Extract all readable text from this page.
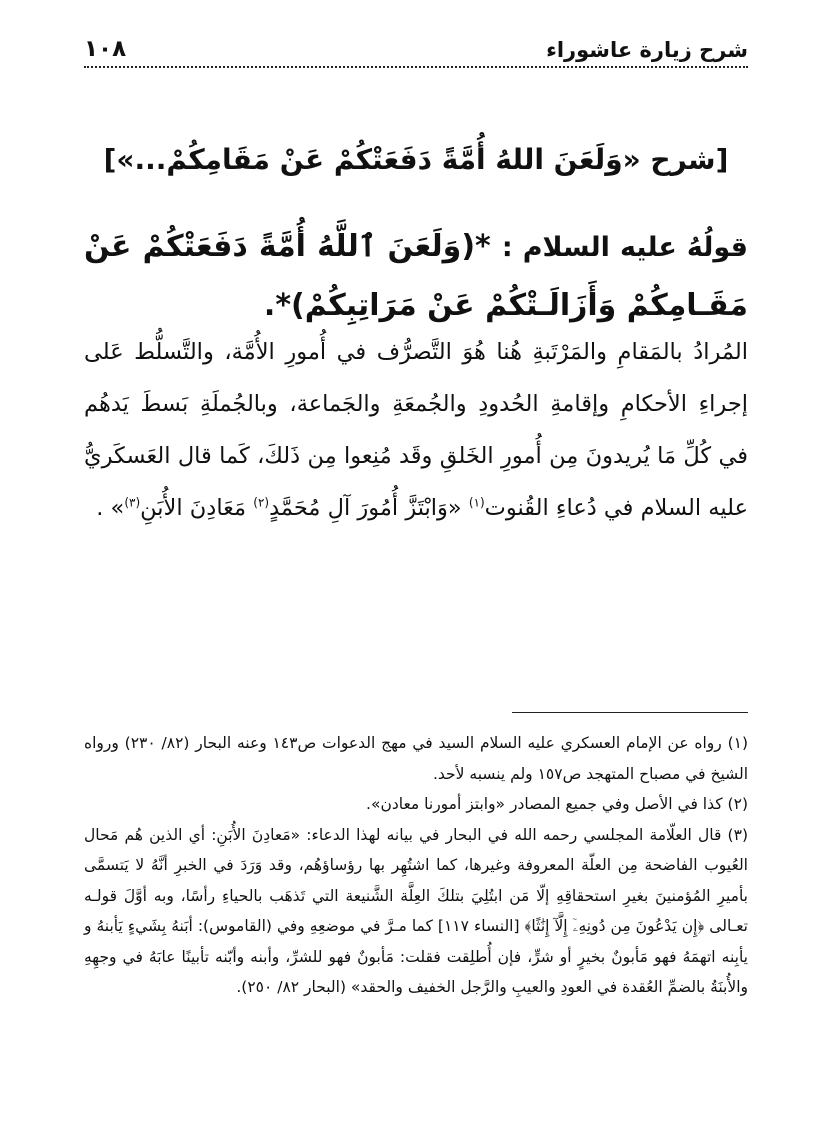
شرح زيارة عاشوراء
١٠٨
[شرح «وَلَعَنَ اللهُ أُمَّةً دَفَعَتْكُمْ عَنْ مَقَامِكُمْ...»]
قولُهُ عليه السلام : *(وَلَعَنَ ٱللَّهُ أُمَّةً دَفَعَتْكُمْ عَنْ مَقَـامِكُمْ وَأَزَالَـتْكُمْ عَنْ مَرَاتِبِكُمْ)*.
المُرادُ بالمَقامِ والمَرْتَبةِ هُنا هُوَ التَّصرُّف في أُمورِ الأُمَّة، والتَّسلُّط عَلى إجراءِ الأحكامِ وإقامةِ الحُدودِ والجُمعَةِ والجَماعة، وبالجُملَةِ بَسطَ يَدهُم في كُلِّ مَا يُريدونَ مِن أُمورِ الخَلقِ وقَد مُنِعوا مِن ذَلكَ، كَما قال العَسكَريُّ عليه السلام في دُعاءِ القُنوت$^{(١)}$ «وَابْتَزَّ أُمُورَ آلِ مُحَمَّدٍ$^{(٢)}$ مَعَادِنَ الأُبَنِ$^{(٣)}$» .

(١) رواه عن الإمام العسكري عليه السلام السيد في مهج الدعوات ص١٤٣ وعنه البحار (٨٢/ ٢٣٠) ورواه الشيخ في مصباح المتهجد ص١٥٧ ولم ينسبه لأحد.

(٢) كذا في الأصل وفي جميع المصادر «وابتز أمورنا معادن».

(٣) قال العلّامة المجلسي رحمه الله في البحار في بيانه لهذا الدعاء: «مَعادِنَ الأُبَنِ: أي الذين هُم مَحال العُيوب الفاضحة مِن العلّة المعروفة وغيرها، كما اشتُهِر بها رؤساؤهُم، وقد وَرَدَ في الخبرِ أنَّهُ لا يَتسمَّى بأميرِ المُؤمنينَ بغيرِ استحقاقِهِ إلّا مَن ابتُلِيَ بتلكَ العِلَّة الشَّنيعة التي تَذهَب بالحياءِ رأسًا، وبه أوَّلَ قولـه تعـالى ﴿إِن يَدْعُونَ مِن دُونِهِۦٓ إِلَّآ إِنَٰثًا﴾ [النساء ١١٧] كما مـرَّ في موضعِهِ وفي (القاموس): أبَنهُ بِشَيءٍ يَأبنهُ و يأبِنه اتهمَهُ فهو مَأبونٌ بخيرٍ أو شرٍّ، فإن أُطلِقت فقلت: مَأبونٌ فهو للشرِّ، وأبنه وأبّنه تأبينًا عابَهُ في وجهِهِ والأُبنَةُ بالضمِّ العُقدة في العودِ والعيبِ والرَّجل الخفيف والحقد» (البحار ٨٢/ ٢٥٠).
